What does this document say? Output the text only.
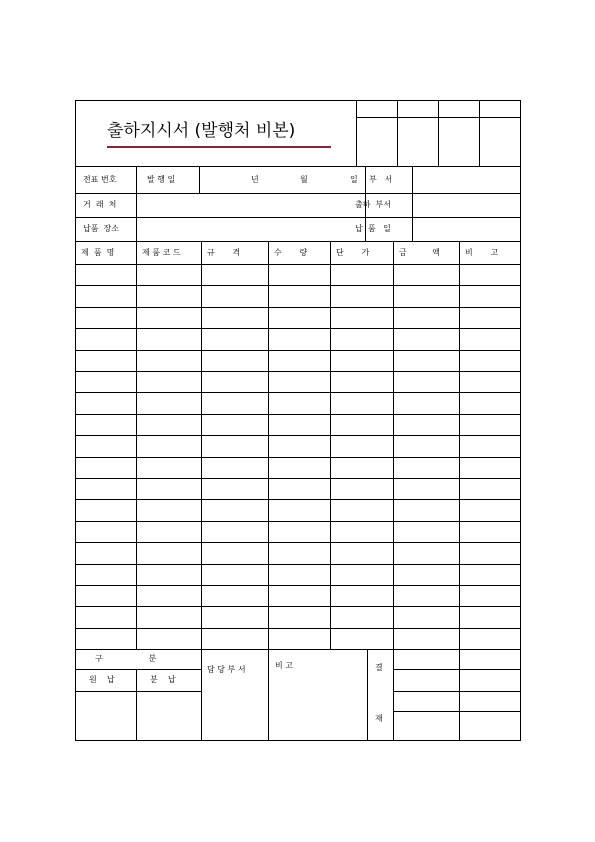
출하지시서 (발행처 비본)
전표 번호	발 행 일	년	월	일 부   서
거  래  처	출하  부서
납품  장소	납  품   일
제  품  명	제 품 코 드	규       격	수       량	단       가	금          액	비       고
구                  분
원    납	분    납
담 당 부 서	비 고	결
재
